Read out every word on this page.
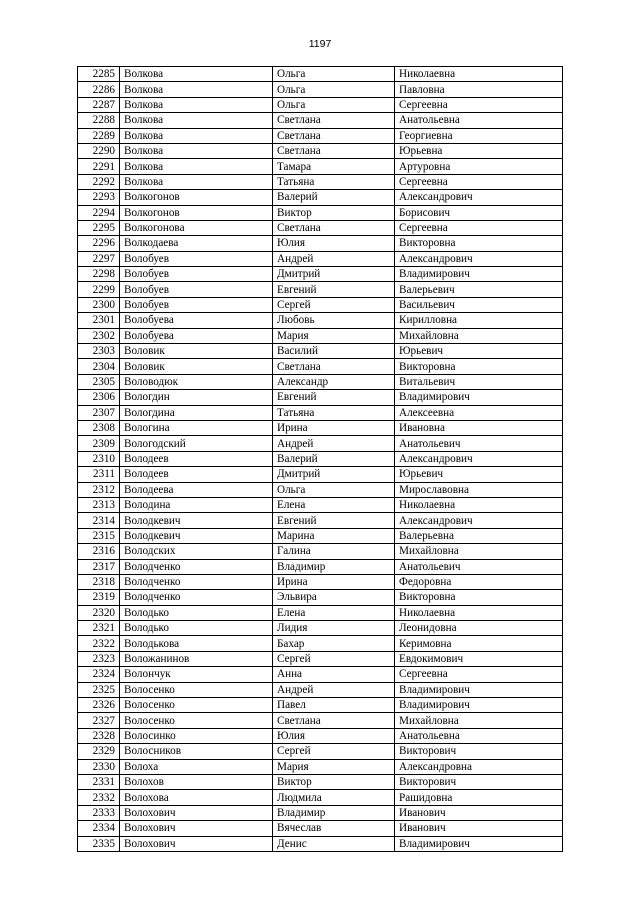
1197
2285	Волкова	Ольга	Николаевна
2286	Волкова	Ольга	Павловна
2287	Волкова	Ольга	Сергеевна
2288	Волкова	Светлана	Анатольевна
2289	Волкова	Светлана	Георгиевна
2290	Волкова	Светлана	Юрьевна
2291	Волкова	Тамара	Артуровна
2292	Волкова	Татьяна	Сергеевна
2293	Волкогонов	Валерий	Александрович
2294	Волкогонов	Виктор	Борисович
2295	Волкогонова	Светлана	Сергеевна
2296	Волкодаева	Юлия	Викторовна
2297	Волобуев	Андрей	Александрович
2298	Волобуев	Дмитрий	Владимирович
2299	Волобуев	Евгений	Валерьевич
2300	Волобуев	Сергей	Васильевич
2301	Волобуева	Любовь	Кирилловна
2302	Волобуева	Мария	Михайловна
2303	Воловик	Василий	Юрьевич
2304	Воловик	Светлана	Викторовна
2305	Воловодюк	Александр	Витальевич
2306	Вологдин	Евгений	Владимирович
2307	Вологдина	Татьяна	Алексеевна
2308	Вологина	Ирина	Ивановна
2309	Вологодский	Андрей	Анатольевич
2310	Володеев	Валерий	Александрович
2311	Володеев	Дмитрий	Юрьевич
2312	Володеева	Ольга	Мирославовна
2313	Володина	Елена	Николаевна
2314	Володкевич	Евгений	Александрович
2315	Володкевич	Марина	Валерьевна
2316	Володских	Галина	Михайловна
2317	Володченко	Владимир	Анатольевич
2318	Володченко	Ирина	Федоровна
2319	Володченко	Эльвира	Викторовна
2320	Володько	Елена	Николаевна
2321	Володько	Лидия	Леонидовна
2322	Володькова	Бахар	Керимовна
2323	Воложанинов	Сергей	Евдокимович
2324	Волончук	Анна	Сергеевна
2325	Волосенко	Андрей	Владимирович
2326	Волосенко	Павел	Владимирович
2327	Волосенко	Светлана	Михайловна
2328	Волосинко	Юлия	Анатольевна
2329	Волосников	Сергей	Викторович
2330	Волоха	Мария	Александровна
2331	Волохов	Виктор	Викторович
2332	Волохова	Людмила	Рашидовна
2333	Волохович	Владимир	Иванович
2334	Волохович	Вячеслав	Иванович
2335	Волохович	Денис	Владимирович
